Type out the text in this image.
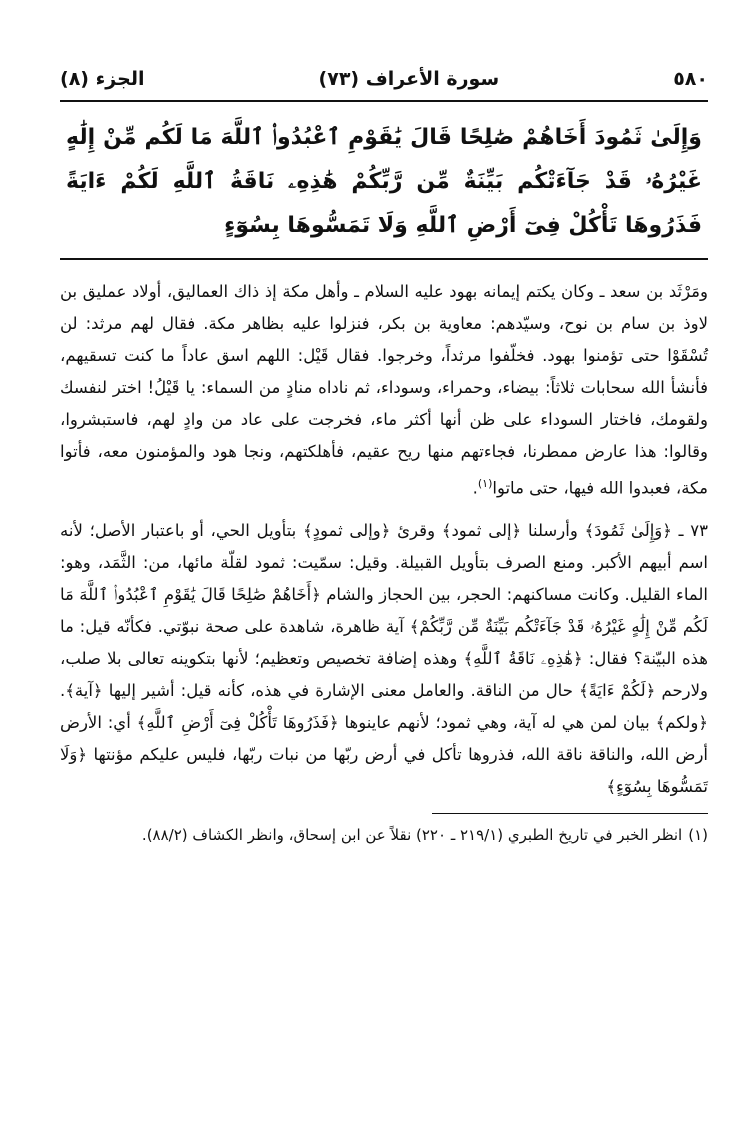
٥٨٠
سورة الأعراف (٧٣)
الجزء (٨)
وَإِلَىٰ ثَمُودَ أَخَاهُمْ صَٰلِحًا قَالَ يَٰقَوْمِ ٱعْبُدُوا۟ ٱللَّهَ مَا لَكُم مِّنْ إِلَٰهٍ غَيْرُهُۥ قَدْ جَآءَتْكُم بَيِّنَةٌ مِّن رَّبِّكُمْ هَٰذِهِۦ نَاقَةُ ٱللَّهِ لَكُمْ ءَايَةً فَذَرُوهَا تَأْكُلْ فِىٓ أَرْضِ ٱللَّهِ وَلَا تَمَسُّوهَا بِسُوٓءٍ

ومَرْثَد بن سعد ـ وكان يكتم إيمانه بهود عليه السلام ـ وأهل مكة إذ ذاك العماليق، أولاد عمليق بن لاوذ بن سام بن نوح، وسيّدهم: معاوية بن بكر، فنزلوا عليه بظاهر مكة. فقال لهم مرثد: لن تُسْقَوْا حتى تؤمنوا بهود. فخلّفوا مرثداً، وخرجوا. فقال قَيْل: اللهم اسق عاداً ما كنت تسقيهم، فأنشأ الله سحابات ثلاثاً: بيضاء، وحمراء، وسوداء، ثم ناداه منادٍ من السماء: يا قَيْلُ! اختر لنفسك ولقومك، فاختار السوداء على ظن أنها أكثر ماء، فخرجت على عاد من وادٍ لهم، فاستبشروا، وقالوا: هذا عارض ممطرنا، فجاءتهم منها ريح عقيم، فأهلكتهم، ونجا هود والمؤمنون معه، فأتوا مكة، فعبدوا الله فيها، حتى ماتوا$^{(١)}$.

٧٣ ـ ﴿وَإِلَىٰ ثَمُودَ﴾ وأرسلنا ﴿إلى ثمود﴾ وقرئ ﴿وإلى ثمودٍ﴾ بتأويل الحي، أو باعتبار الأصل؛ لأنه اسم أبيهم الأكبر. ومنع الصرف بتأويل القبيلة. وقيل: سمّيت: ثمود لقلّة مائها، من: الثَّمَد، وهو: الماء القليل. وكانت مساكنهم: الحجر، بين الحجاز والشام ﴿أَخَاهُمْ صَٰلِحًا قَالَ يَٰقَوْمِ ٱعْبُدُوا۟ ٱللَّهَ مَا لَكُم مِّنْ إِلَٰهٍ غَيْرُهُۥ قَدْ جَآءَتْكُم بَيِّنَةٌ مِّن رَّبِّكُمْ﴾ آية ظاهرة، شاهدة على صحة نبوّتي. فكأنّه قيل: ما هذه البيّنة؟ فقال: ﴿هَٰذِهِۦ نَاقَةُ ٱللَّهِ﴾ وهذه إضافة تخصيص وتعظيم؛ لأنها بتكوينه تعالى بلا صلب، ولارحم ﴿لَكُمْ ءَايَةً﴾ حال من الناقة. والعامل معنى الإشارة في هذه، كأنه قيل: أشير إليها ﴿آية﴾. ﴿ولكم﴾ بيان لمن هي له آية، وهي ثمود؛ لأنهم عاينوها ﴿فَذَرُوهَا تَأْكُلْ فِىٓ أَرْضِ ٱللَّهِ﴾ أي: الأرض أرض الله، والناقة ناقة الله، فذروها تأكل في أرض ربّها من نبات ربّها، فليس عليكم مؤنتها ﴿وَلَا تَمَسُّوهَا بِسُوٓءٍ﴾

(١)انظر الخبر في تاريخ الطبري (٢١٩/١ ـ ٢٢٠) نقلاً عن ابن إسحاق، وانظر الكشاف (٨٨/٢).
